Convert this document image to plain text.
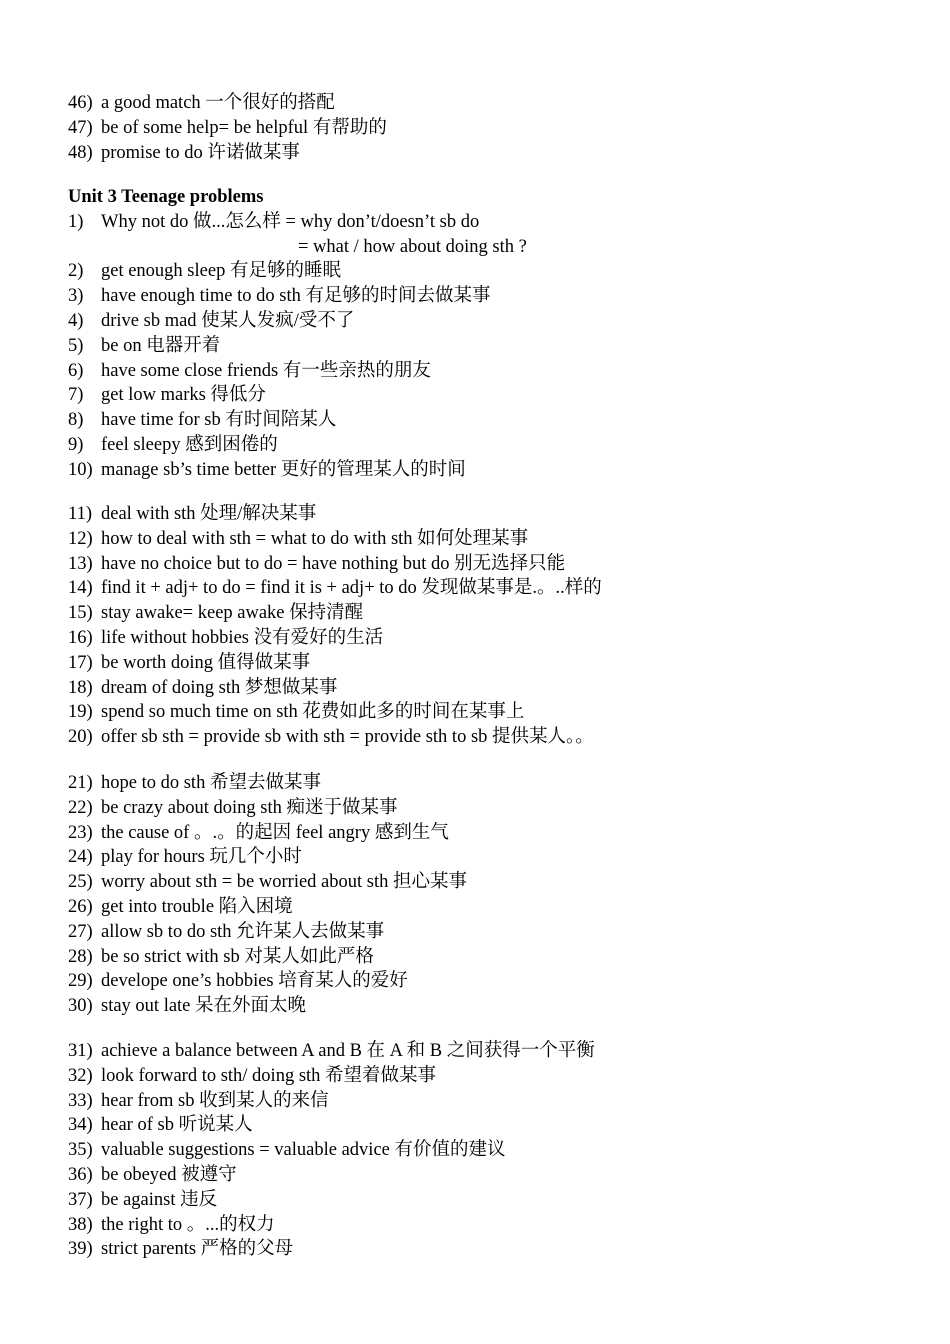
46) a good match 一个很好的搭配
47) be of some help= be helpful 有帮助的
48) promise to do 许诺做某事
Unit 3 Teenage problems
1) Why not do 做...怎么样 = why don’t/doesn’t sb do
= what / how about doing sth ?
2) get enough sleep 有足够的睡眠
3) have enough time to do sth 有足够的时间去做某事
4) drive sb mad 使某人发疯/受不了
5) be on 电器开着
6) have some close friends 有一些亲热的朋友
7) get low marks 得低分
8) have time for sb 有时间陪某人
9) feel sleepy 感到困倦的
10) manage sb’s time better 更好的管理某人的时间
11) deal with sth 处理/解决某事
12) how to deal with sth = what to do with sth 如何处理某事
13) have no choice but to do = have nothing but do 别无选择只能
14) find it + adj+ to do = find it is + adj+ to do 发现做某事是.。..样的
15) stay awake= keep awake 保持清醒
16) life without hobbies 没有爱好的生活
17) be worth doing 值得做某事
18) dream of doing sth 梦想做某事
19) spend so much time on sth 花费如此多的时间在某事上
20) offer sb sth = provide sb with sth = provide sth to sb 提供某人。。
21) hope to do sth 希望去做某事
22) be crazy about doing sth 痴迷于做某事
23) the cause of 。.。的起因 feel angry 感到生气
24) play for hours 玩几个小时
25) worry about sth = be worried about sth 担心某事
26) get into trouble 陷入困境
27) allow sb to do sth 允许某人去做某事
28) be so strict with sb 对某人如此严格
29) develope one’s hobbies 培育某人的爱好
30) stay out late 呆在外面太晚
31) achieve a balance between A and B 在 A 和 B 之间获得一个平衡
32) look forward to sth/ doing sth 希望着做某事
33) hear from sb 收到某人的来信
34) hear of sb 听说某人
35) valuable suggestions = valuable advice 有价值的建议
36) be obeyed 被遵守
37) be against 违反
38) the right to 。...的权力
39) strict parents 严格的父母
